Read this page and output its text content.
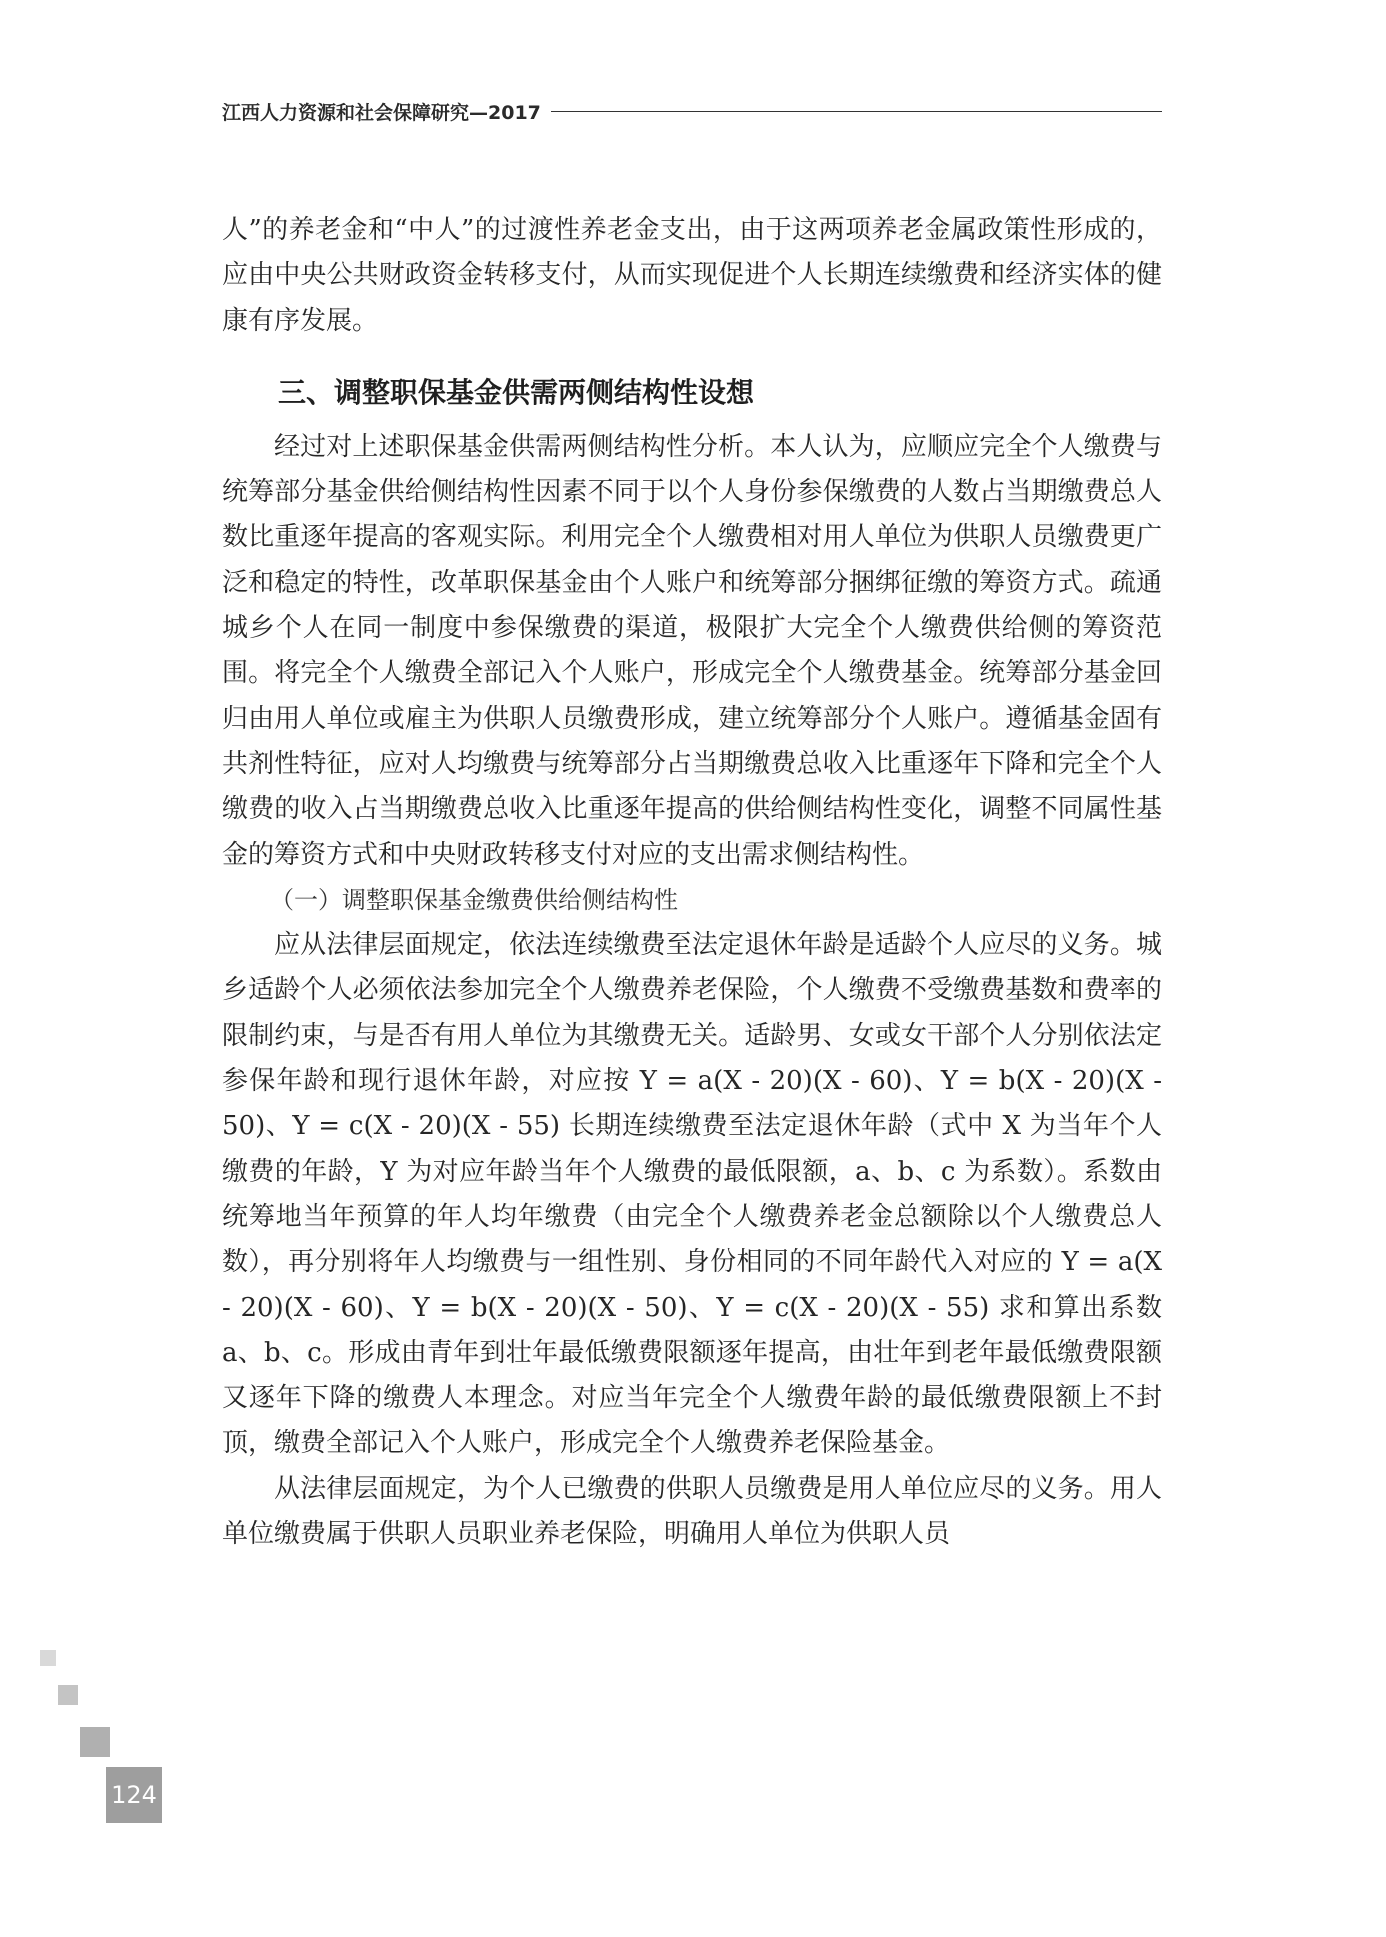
江西人力资源和社会保障研究—2017

人”的养老金和“中人”的过渡性养老金支出，由于这两项养老金属政策性形成的，应由中央公共财政资金转移支付，从而实现促进个人长期连续缴费和经济实体的健康有序发展。

三、调整职保基金供需两侧结构性设想

经过对上述职保基金供需两侧结构性分析。本人认为，应顺应完全个人缴费与统筹部分基金供给侧结构性因素不同于以个人身份参保缴费的人数占当期缴费总人数比重逐年提高的客观实际。利用完全个人缴费相对用人单位为供职人员缴费更广泛和稳定的特性，改革职保基金由个人账户和统筹部分捆绑征缴的筹资方式。疏通城乡个人在同一制度中参保缴费的渠道，极限扩大完全个人缴费供给侧的筹资范围。将完全个人缴费全部记入个人账户，形成完全个人缴费基金。统筹部分基金回归由用人单位或雇主为供职人员缴费形成，建立统筹部分个人账户。遵循基金固有共剂性特征，应对人均缴费与统筹部分占当期缴费总收入比重逐年下降和完全个人缴费的收入占当期缴费总收入比重逐年提高的供给侧结构性变化，调整不同属性基金的筹资方式和中央财政转移支付对应的支出需求侧结构性。

（一）调整职保基金缴费供给侧结构性

应从法律层面规定，依法连续缴费至法定退休年龄是适龄个人应尽的义务。城乡适龄个人必须依法参加完全个人缴费养老保险，个人缴费不受缴费基数和费率的限制约束，与是否有用人单位为其缴费无关。适龄男、女或女干部个人分别依法定参保年龄和现行退休年龄，对应按 Y = a(X - 20)(X - 60)、Y = b(X - 20)(X - 50)、Y = c(X - 20)(X - 55) 长期连续缴费至法定退休年龄（式中 X 为当年个人缴费的年龄，Y 为对应年龄当年个人缴费的最低限额，a、b、c 为系数）。系数由统筹地当年预算的年人均年缴费（由完全个人缴费养老金总额除以个人缴费总人数），再分别将年人均缴费与一组性别、身份相同的不同年龄代入对应的 Y = a(X - 20)(X - 60)、Y = b(X - 20)(X - 50)、Y = c(X - 20)(X - 55) 求和算出系数 a、b、c。形成由青年到壮年最低缴费限额逐年提高，由壮年到老年最低缴费限额又逐年下降的缴费人本理念。对应当年完全个人缴费年龄的最低缴费限额上不封顶，缴费全部记入个人账户，形成完全个人缴费养老保险基金。

从法律层面规定，为个人已缴费的供职人员缴费是用人单位应尽的义务。用人单位缴费属于供职人员职业养老保险，明确用人单位为供职人员

124
